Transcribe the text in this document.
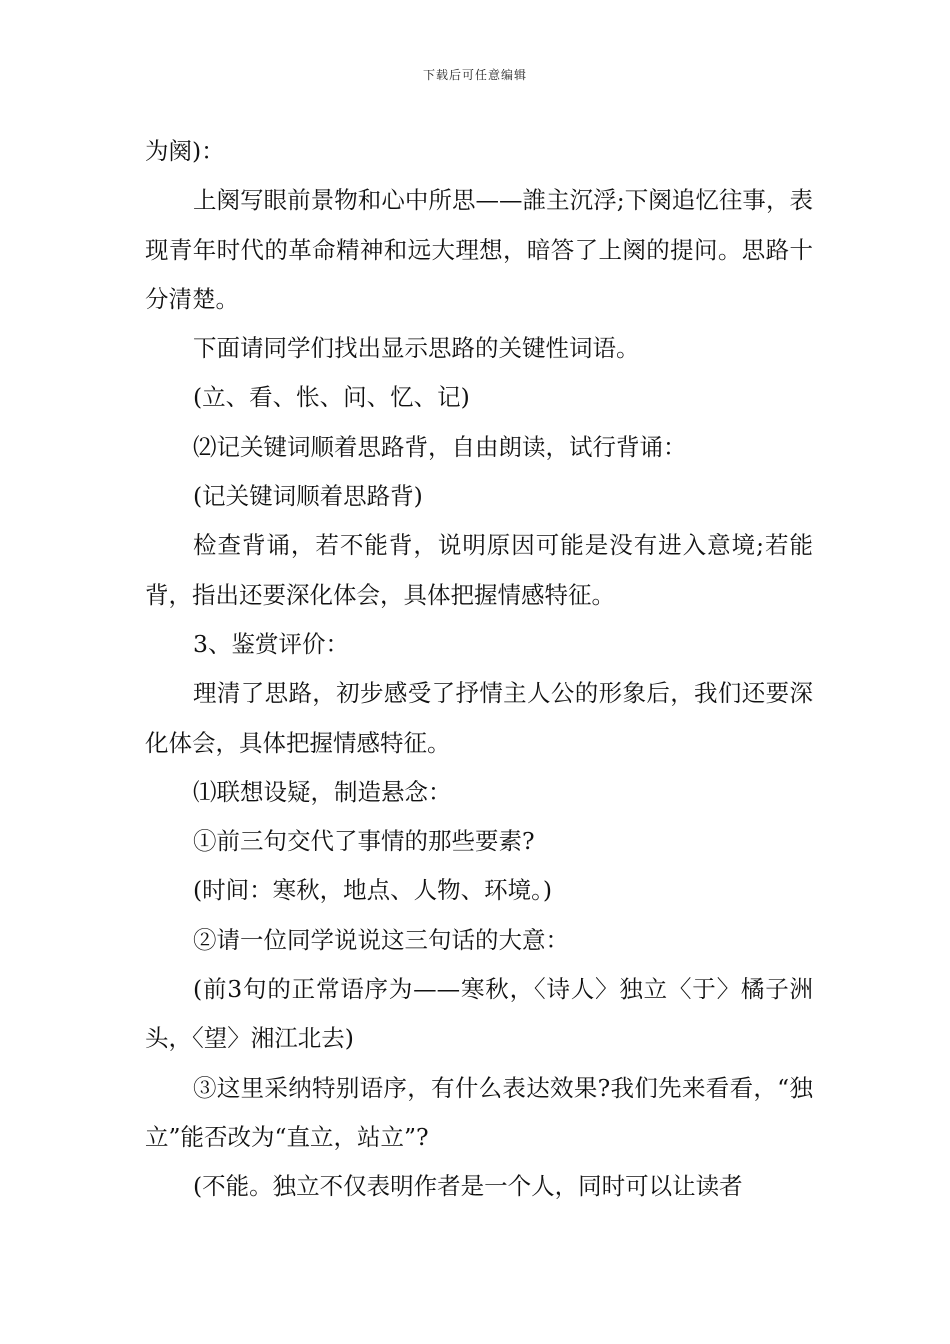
下载后可任意编辑

为阕)：

上阕写眼前景物和心中所思——誰主沉浮;下阕追忆往事，表现青年时代的革命精神和远大理想，暗答了上阕的提问。思路十分清楚。

下面请同学们找出显示思路的关键性词语。

(立、看、怅、问、忆、记)

⑵记关键词顺着思路背，自由朗读，试行背诵：

(记关键词顺着思路背)

检查背诵，若不能背，说明原因可能是没有进入意境;若能背，指出还要深化体会，具体把握情感特征。

3、鉴赏评价：

理清了思路，初步感受了抒情主人公的形象后，我们还要深化体会，具体把握情感特征。

⑴联想设疑，制造悬念：

①前三句交代了事情的那些要素?

(时间：寒秋，地点、人物、环境。)

②请一位同学说说这三句话的大意：

(前3句的正常语序为——寒秋，〈诗人〉独立〈于〉橘子洲头，〈望〉湘江北去)

③这里采纳特别语序，有什么表达效果?我们先来看看，“独立”能否改为“直立，站立”?

(不能。独立不仅表明作者是一个人，同时可以让读者
